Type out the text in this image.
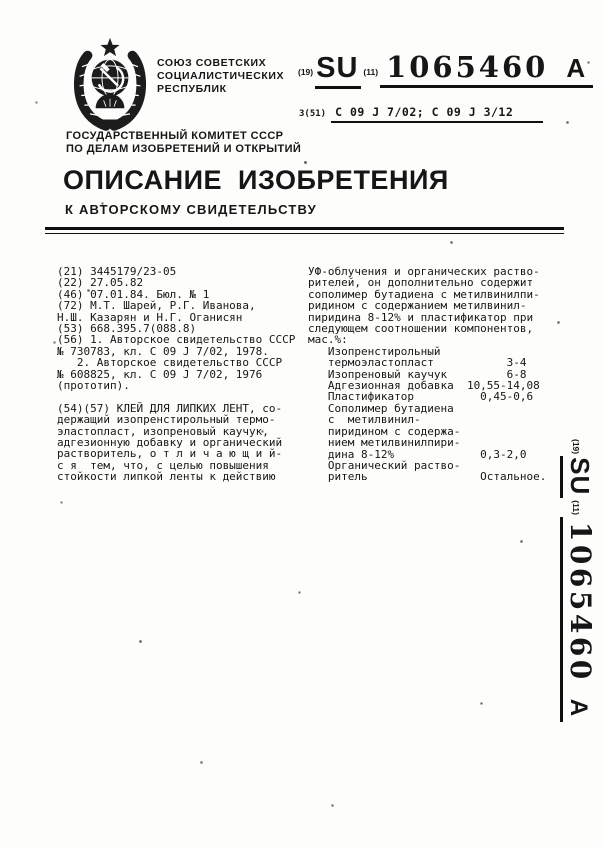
СОЮЗ СОВЕТСКИХ
СОЦИАЛИСТИЧЕСКИХ
РЕСПУБЛИК
(19) SU (11) 1065460 A
3(51) C 09 J 7/02; C 09 J 3/12
ГОСУДАРСТВЕННЫЙ КОМИТЕТ СССР
ПО ДЕЛАМ ИЗОБРЕТЕНИЙ И ОТКРЫТИЙ
ОПИСАНИЕ ИЗОБРЕТЕНИЯ
К АВТОРСКОМУ СВИДЕТЕЛЬСТВУ
(21) 3445179/23-05
(22) 27.05.82
(46) 07.01.84. Бюл. № 1
(72) М.Т. Шарей, Р.Г. Иванова,
Н.Ш. Казарян и Н.Г. Оганисян
(53) 668.395.7(088.8)
(56) 1. Авторское свидетельство СССР
№ 730783, кл. C 09 J 7/02, 1978.
2. Авторское свидетельство СССР
№ 608825, кл. C 09 J 7/02, 1976
(прототип).
(54)(57) КЛЕЙ ДЛЯ ЛИПКИХ ЛЕНТ, со-
держащий изопренстирольный термо-
эластопласт, изопреновый каучук,
адгезионную добавку и органический
растворитель, о т л и ч а ю щ и й-
с я  тем, что, с целью повышения
стойкости липкой ленты к действию
УФ-облучения и органических раство-
рителей, он дополнительно содержит
сополимер бутадиена с метилвинилпи-
ридином с содержанием метилвинил-
пиридина 8-12% и пластификатор при
следующем соотношении компонентов,
мас.%:
Изопренстирольный
термоэластопласт           3-4
Изопреновый каучук         6-8
Адгезионная добавка  10,55-14,08
Пластификатор          0,45-0,6
Сополимер бутадиена
с  метилвинил-
пиридином с содержа-
нием метилвинилпири-
дина 8-12%             0,3-2,0
Органический раство-
ритель                 Остальное.
(19)
SU
(11)
1065460
A
